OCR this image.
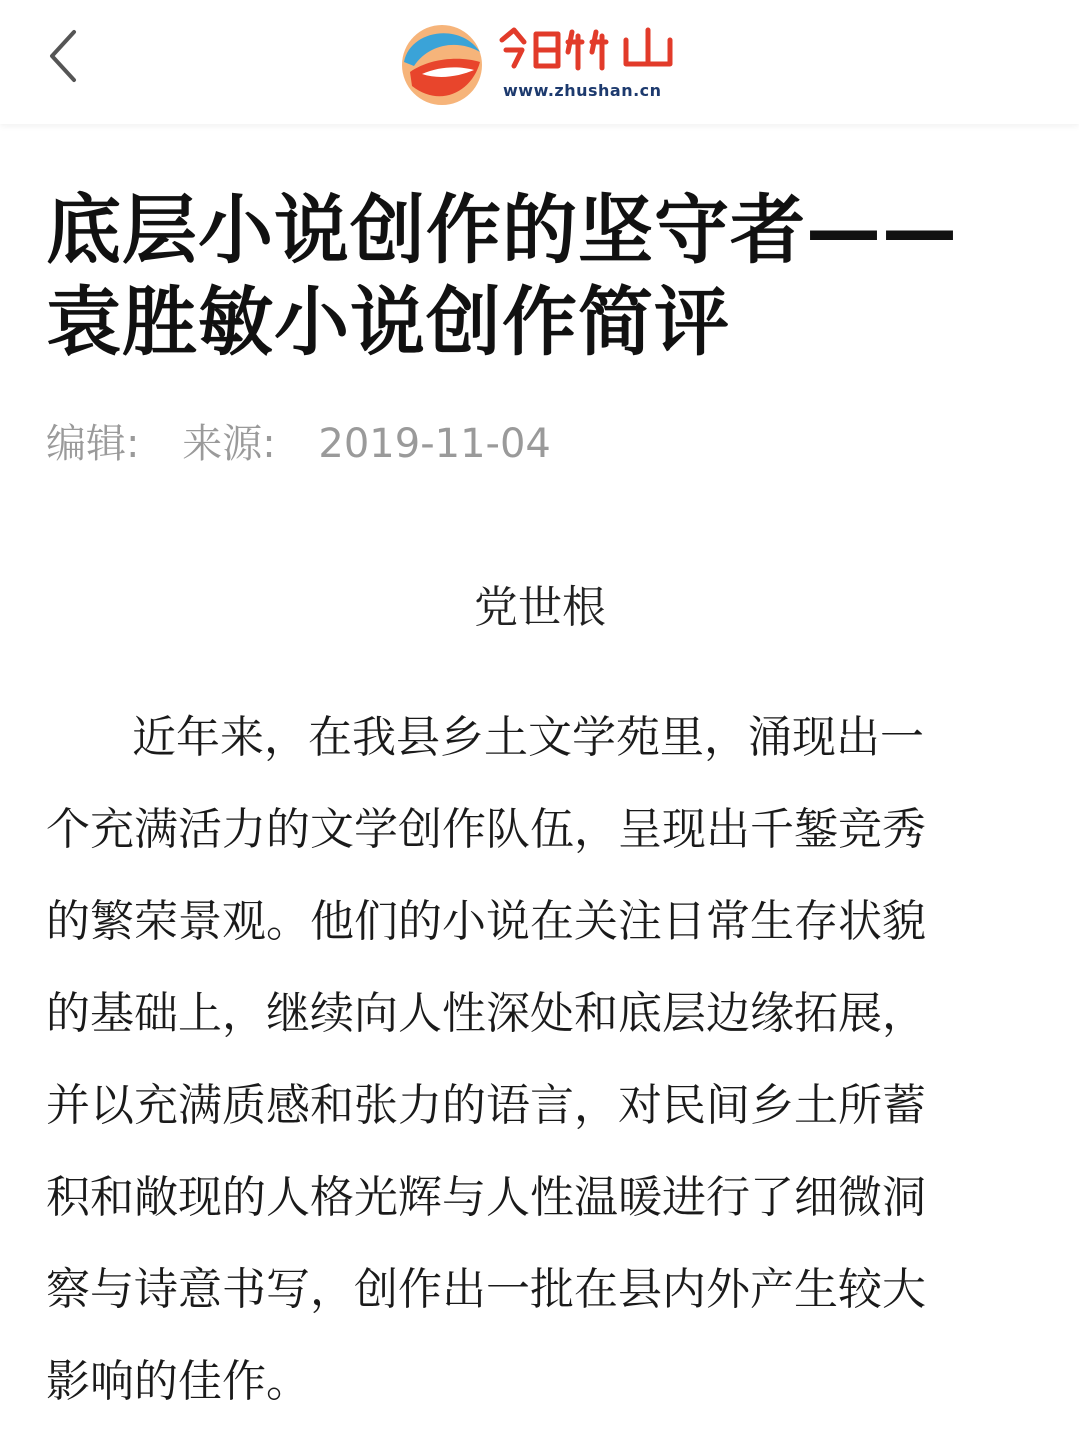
www.zhushan.cn
底层小说创作的坚守者——
袁胜敏小说创作简评
编辑: 来源: 2019-11-04
党世根
近年来，在我县乡土文学苑里，涌现出一
个充满活力的文学创作队伍，呈现出千錾竞秀
的繁荣景观。他们的小说在关注日常生存状貌
的基础上，继续向人性深处和底层边缘拓展，
并以充满质感和张力的语言，对民间乡土所蓄
积和敞现的人格光辉与人性温暖进行了细微洞
察与诗意书写，创作出一批在县内外产生较大
影响的佳作。
